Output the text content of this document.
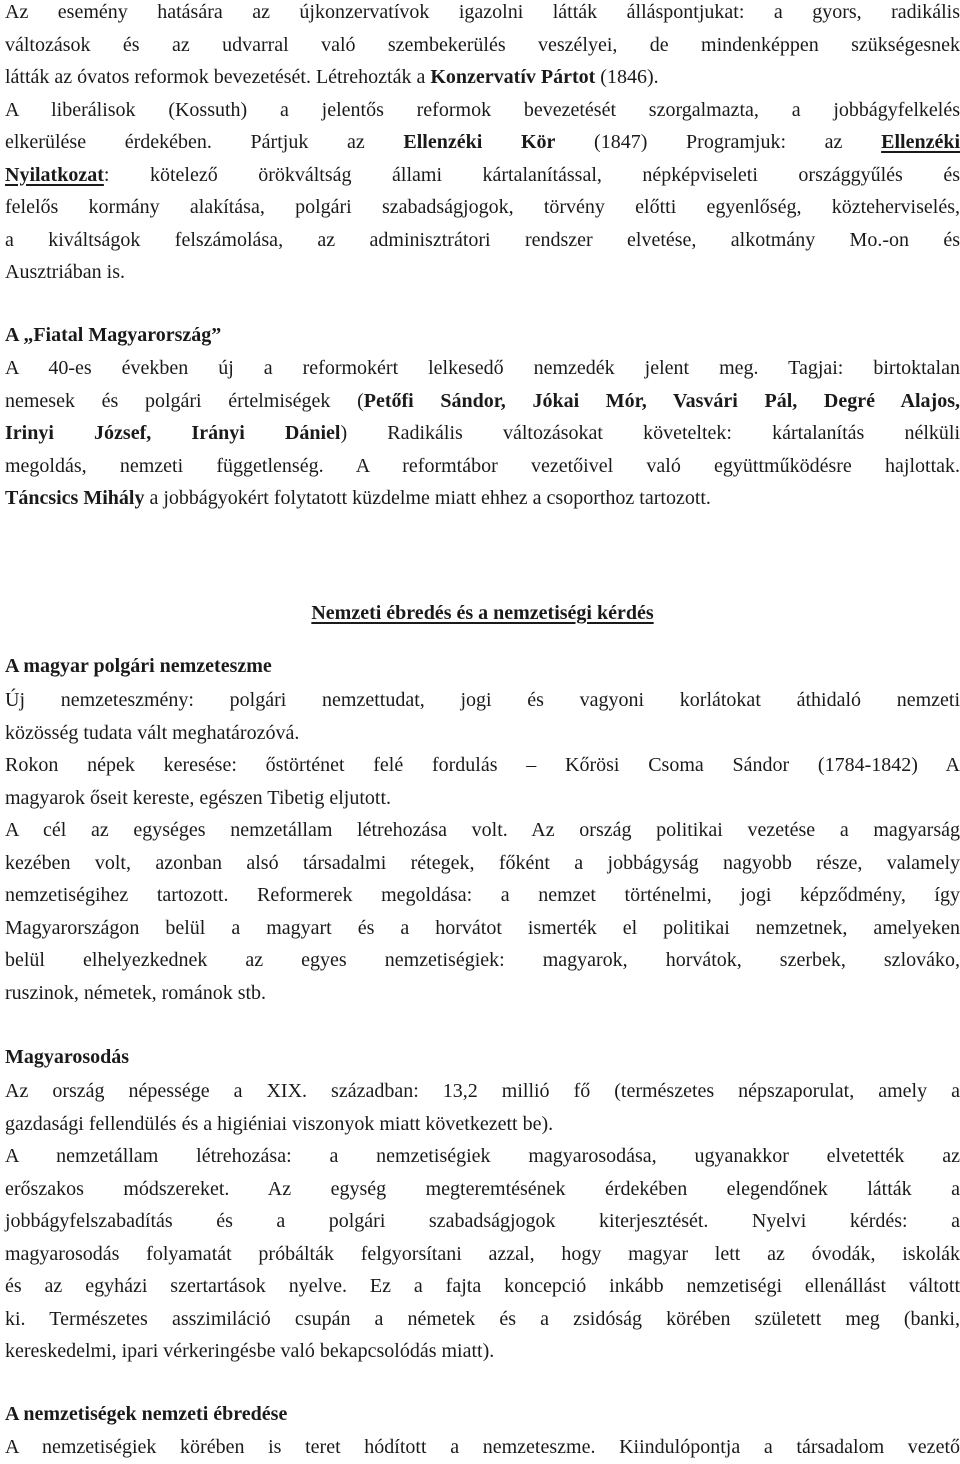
Az esemény hatására az újkonzervatívok igazolni látták álláspontjukat: a gyors, radikális
változások és az udvarral való szembekerülés veszélyei, de mindenképpen szükségesnek
látták az óvatos reformok bevezetését. Létrehozták a Konzervatív Pártot (1846).
A liberálisok (Kossuth) a jelentős reformok bevezetését szorgalmazta, a jobbágyfelkelés
elkerülése érdekében. Pártjuk az Ellenzéki Kör (1847) Programjuk: az Ellenzéki
Nyilatkozat: kötelező örökváltság állami kártalanítással, népképviseleti országgyűlés és
felelős kormány alakítása, polgári szabadságjogok, törvény előtti egyenlőség, közteherviselés,
a kiváltságok felszámolása, az adminisztrátori rendszer elvetése, alkotmány Mo.-on és
Ausztriában is.
A „Fiatal Magyarország”
A 40-es években új a reformokért lelkesedő nemzedék jelent meg. Tagjai: birtoktalan
nemesek és polgári értelmiségek (Petőfi Sándor, Jókai Mór, Vasvári Pál, Degré Alajos,
Irinyi József, Irányi Dániel) Radikális változásokat követeltek: kártalanítás nélküli
megoldás, nemzeti függetlenség. A reformtábor vezetőivel való együttműködésre hajlottak.
Táncsics Mihály a jobbágyokért folytatott küzdelme miatt ehhez a csoporthoz tartozott.
Nemzeti ébredés és a nemzetiségi kérdés
A magyar polgári nemzeteszme
Új nemzeteszmény: polgári nemzettudat, jogi és vagyoni korlátokat áthidaló nemzeti
közösség tudata vált meghatározóvá.
Rokon népek keresése: őstörténet felé fordulás – Kőrösi Csoma Sándor (1784-1842) A
magyarok őseit kereste, egészen Tibetig eljutott.
A cél az egységes nemzetállam létrehozása volt. Az ország politikai vezetése a magyarság
kezében volt, azonban alsó társadalmi rétegek, főként a jobbágyság nagyobb része, valamely
nemzetiségihez tartozott. Reformerek megoldása: a nemzet történelmi, jogi képződmény, így
Magyarországon belül a magyart és a horvátot ismerték el politikai nemzetnek, amelyeken
belül elhelyezkednek az egyes nemzetiségiek: magyarok, horvátok, szerbek, szlováko,
ruszinok, németek, románok stb.
Magyarosodás
Az ország népessége a XIX. században: 13,2 millió fő (természetes népszaporulat, amely a
gazdasági fellendülés és a higiéniai viszonyok miatt következett be).
A nemzetállam létrehozása: a nemzetiségiek magyarosodása, ugyanakkor elvetették az
erőszakos módszereket. Az egység megteremtésének érdekében elegendőnek látták a
jobbágyfelszabadítás és a polgári szabadságjogok kiterjesztését. Nyelvi kérdés: a
magyarosodás folyamatát próbálták felgyorsítani azzal, hogy magyar lett az óvodák, iskolák
és az egyházi szertartások nyelve. Ez a fajta koncepció inkább nemzetiségi ellenállást váltott
ki. Természetes asszimiláció csupán a németek és a zsidóság körében született meg (banki,
kereskedelmi, ipari vérkeringésbe való bekapcsolódás miatt).
A nemzetiségek nemzeti ébredése
A nemzetiségiek körében is teret hódított a nemzeteszme. Kiindulópontja a társadalom vezető
